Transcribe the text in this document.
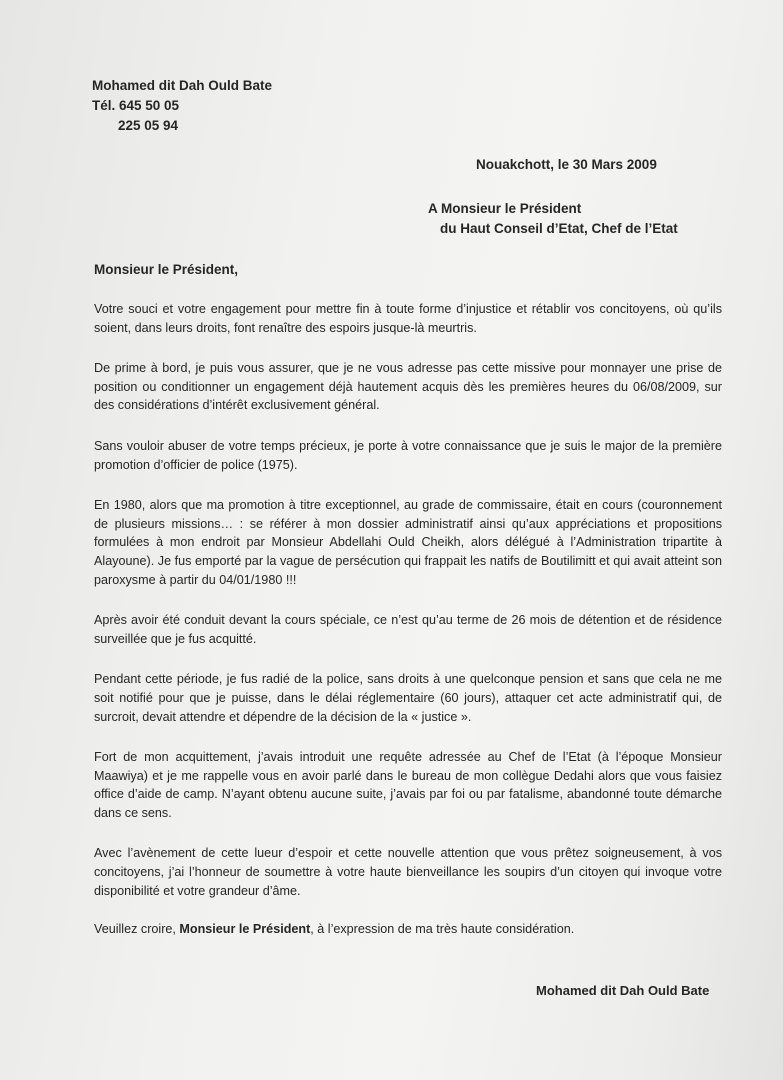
Mohamed dit Dah Ould Bate
Tél. 645 50 05
225 05 94
Nouakchott, le 30 Mars 2009
A Monsieur le Président
du Haut Conseil d’Etat, Chef de l’Etat
Monsieur le Président,

Votre souci et votre engagement pour mettre fin à toute forme d’injustice et rétablir vos concitoyens, où qu’ils soient, dans leurs droits, font renaître des espoirs jusque-là meurtris.

De prime à bord, je puis vous assurer, que je ne vous adresse pas cette missive pour monnayer une prise de position ou conditionner un engagement déjà hautement acquis dès les premières heures du 06/08/2009, sur des considérations d’intérêt exclusivement général.

Sans vouloir abuser de votre temps précieux, je porte à votre connaissance que je suis le major de la première promotion d’officier de police (1975).

En 1980, alors que ma promotion à titre exceptionnel, au grade de commissaire, était en cours (couronnement de plusieurs missions… : se référer à mon dossier administratif ainsi qu’aux appréciations et propositions formulées à mon endroit par Monsieur Abdellahi Ould Cheikh, alors délégué à l’Administration tripartite à Alayoune). Je fus emporté par la vague de persécution qui frappait les natifs de Boutilimitt et qui avait atteint son paroxysme à partir du 04/01/1980 !!!

Après avoir été conduit devant la cours spéciale, ce n’est qu’au terme de 26 mois de détention et de résidence surveillée que je fus acquitté.

Pendant cette période, je fus radié de la police, sans droits à une quelconque pension et sans que cela ne me soit notifié pour que je puisse, dans le délai réglementaire (60 jours), attaquer cet acte administratif qui, de surcroit, devait attendre et dépendre de la décision de la « justice ».

Fort de mon acquittement, j’avais introduit une requête adressée au Chef de l’Etat (à l’époque Monsieur Maawiya) et je me rappelle vous en avoir parlé dans le bureau de mon collègue Dedahi alors que vous faisiez office d’aide de camp. N’ayant obtenu aucune suite, j’avais par foi ou par fatalisme, abandonné toute démarche dans ce sens.

Avec l’avènement de cette lueur d’espoir et cette nouvelle attention que vous prêtez soigneusement, à vos concitoyens, j’ai l’honneur de soumettre à votre haute bienveillance les soupirs d’un citoyen qui invoque votre disponibilité et votre grandeur d’âme.

Veuillez croire, Monsieur le Président, à l’expression de ma très haute considération.

Mohamed dit Dah Ould Bate
